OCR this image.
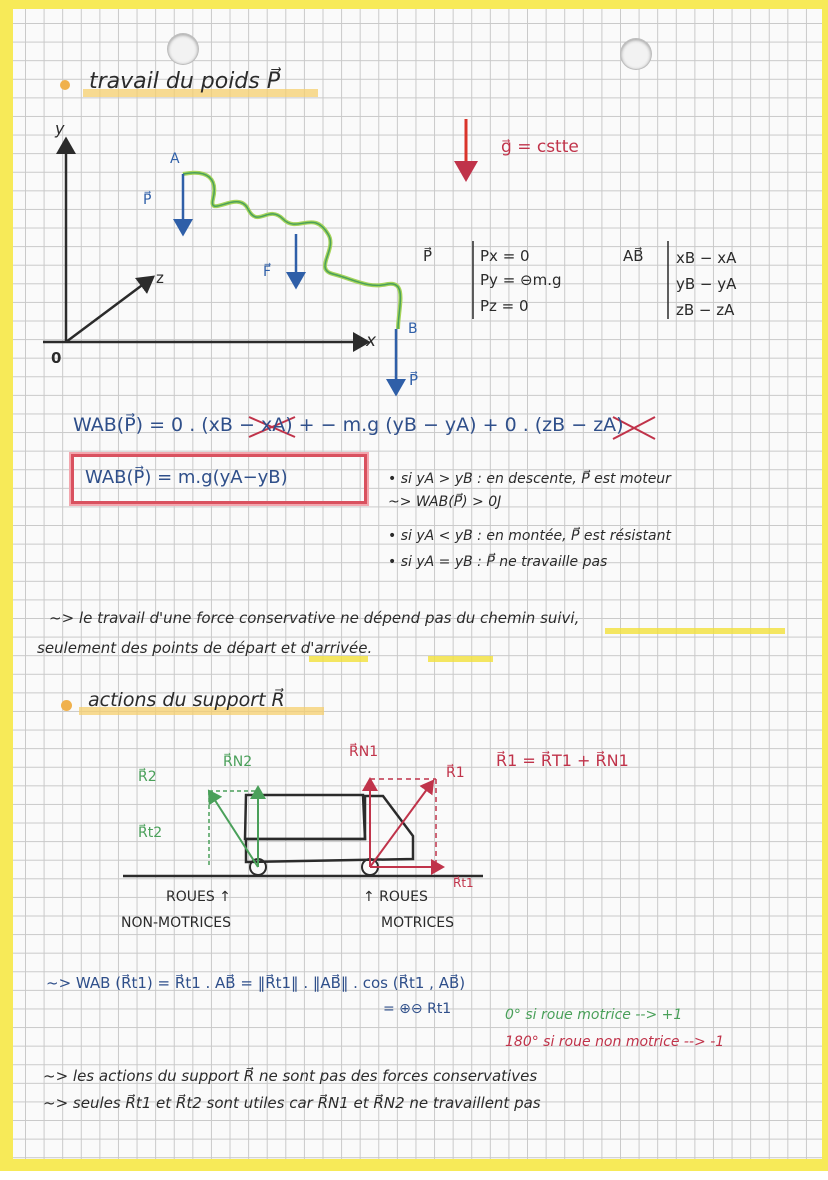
travail du poids P⃗
g⃗ = cstte
y
z
x
0
A
B
P⃗
F⃗
P⃗
P⃗	Px = 0
Py = ⊖m.g
Pz = 0
AB⃗ xB − xA
yB − yA
zB − zA
WAB(P⃗) = 0 . (xB − xA) + − m.g (yB − yA) + 0 . (zB − zA)
WAB(P⃗) = m.g(yA−yB)	• si yA > yB : en descente, P⃗ est moteur
~> WAB(P⃗) > 0J
• si yA < yB : en montée, P⃗ est résistant
• si yA = yB : P⃗ ne travaille pas
~> le travail d'une force conservative ne dépend pas du chemin suivi,
seulement des points de départ et d'arrivée.
actions du support R⃗
R⃗2
R⃗t2
R⃗N2
R⃗N1
R⃗1
R⃗t1
R⃗1 = R⃗T1 + R⃗N1
ROUES ↑
NON-MOTRICES
↑ ROUES
MOTRICES
~> WAB (R⃗t1) = R⃗t1 . AB⃗ = ‖R⃗t1‖ . ‖AB⃗‖ . cos (R⃗t1 , AB⃗)
= ⊕⊖ Rt1	0° si roue motrice --> +1
180° si roue non motrice --> -1
~> les actions du support R⃗ ne sont pas des forces conservatives
~> seules R⃗t1 et R⃗t2 sont utiles car R⃗N1 et R⃗N2 ne travaillent pas
